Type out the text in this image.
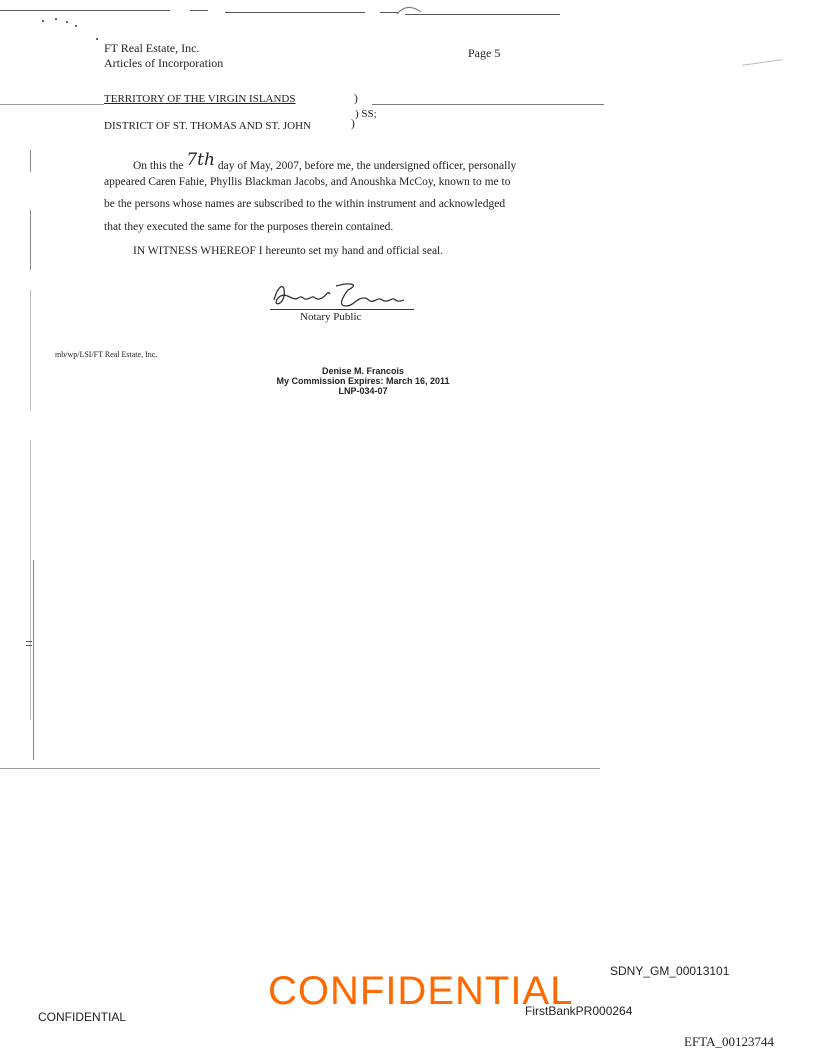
FT Real Estate, Inc.
Articles of Incorporation
Page 5
TERRITORY OF THE VIRGIN ISLANDS	)
) SS;
DISTRICT OF ST. THOMAS AND ST. JOHN	)
On this the 7th day of May, 2007, before me, the undersigned officer, personally
appeared Caren Fahie, Phyllis Blackman Jacobs, and Anoushka McCoy, known to me to
be the persons whose names are subscribed to the within instrument and acknowledged
that they executed the same for the purposes therein contained.
IN WITNESS WHEREOF I hereunto set my hand and official seal.
Denise Francois
Notary Public
mb/wp/LSI/FT Real Estate, Inc.
Denise M. Francois
My Commission Expires: March 16, 2011
LNP-034-07
CONFIDENTIAL
CONFIDENTIAL	SDNY_GM_00013101
FirstBankPR000264
EFTA_00123744
